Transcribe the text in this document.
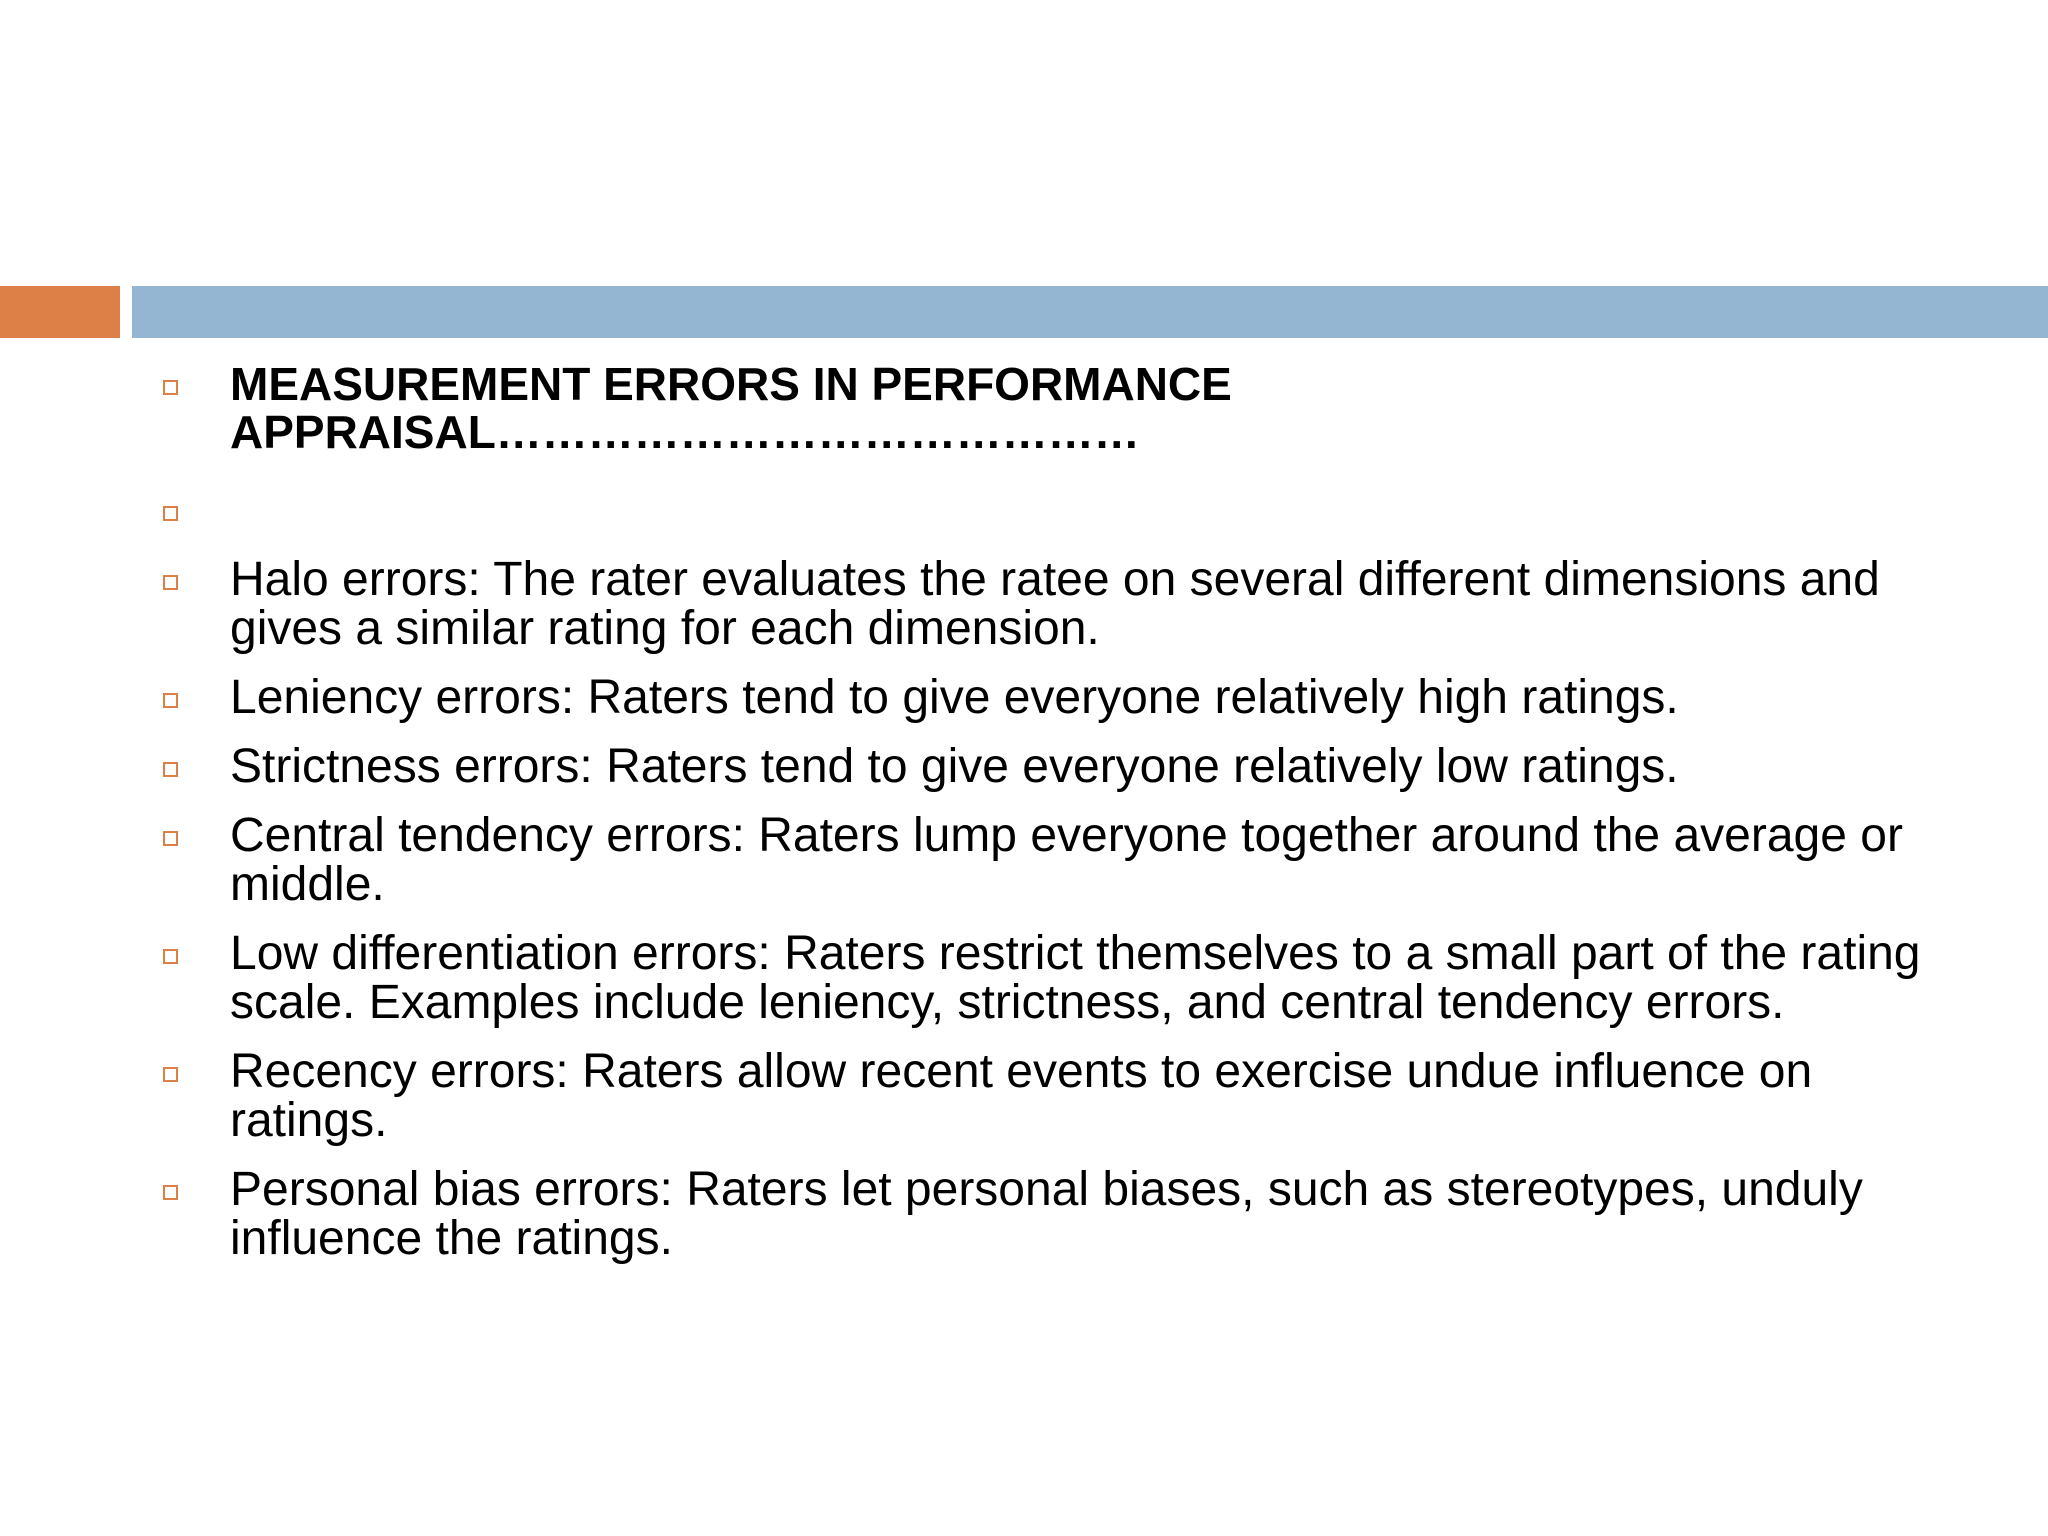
MEASUREMENT ERRORS IN PERFORMANCE APPRAISAL……………………………………
Halo errors: The rater evaluates the ratee on several different dimensions and gives a similar rating for each dimension.
Leniency errors: Raters tend to give everyone relatively high ratings.
Strictness errors: Raters tend to give everyone relatively low ratings.
Central tendency errors: Raters lump everyone together around the average or middle.
Low differentiation errors: Raters restrict themselves to a small part of the rating scale. Examples include leniency, strictness, and central tendency errors.
Recency errors: Raters allow recent events to exercise undue influence on ratings.
Personal bias errors: Raters let personal biases, such as stereotypes, unduly influence the ratings.
